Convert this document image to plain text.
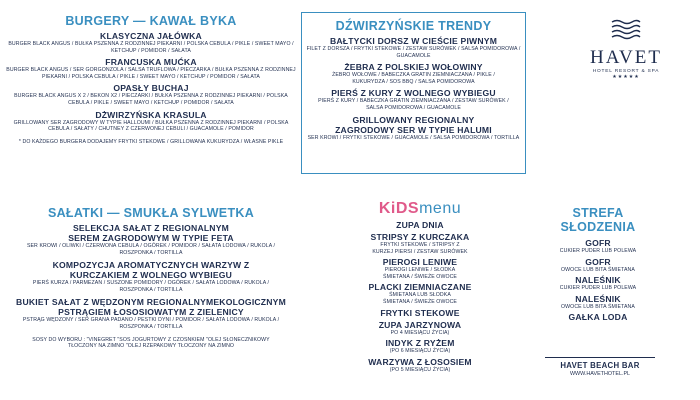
BURGERY — KAWAŁ BYKA
KLASYCZNA JAŁÓWKA
BURGER BLACK ANGUS / BUŁKA PSZENNA Z RODZINNEJ PIEKARNI / POLSKA CEBULA / PIKLE / SWEET MAYO / KETCHUP / POMIDOR / SAŁATA
FRANCUSKA MUĆKA
BURGER BLACK ANGUS / SER GORGONZOLA / SALSA TRUFLOWA / PIECZARKA / BUŁKA PSZENNA Z RODZINNEJ PIEKARNI / POLSKA CEBULA / PIKLE / SWEET MAYO / KETCHUP / POMIDOR / SAŁATA
OPASŁY BUCHAJ
BURGER BLACK ANGUS X 2 / BEKON X2 / PIECZARKI / BUŁKA PSZENNA Z RODZINNEJ PIEKARNI / POLSKA CEBULA / PIKLE / SWEET MAYO / KETCHUP / POMIDOR / SAŁATA
DŻWIRZYŃSKA KRASULA
GRILLOWANY SER ZAGRODOWY W TYPIE HALLOUMI / BUŁKA PSZENNA Z RODZINNEJ PIEKARNI / POLSKA CEBULA / SAŁATY / CHUTNEY Z CZERWONEJ CEBULI / GUACAMOLE / POMIDOR
* DO KAŻDEGO BURGERA DODAJEMY FRYTKI STEKOWE / GRILLOWANA KUKURYDZA / WŁASNE PIKLE
DŹWIRZYŃSKIE TRENDY
BAŁTYCKI DORSZ W CIEŚCIE PIWNYM
FILET Z DORSZA / FRYTKI STEKOWE / ZESTAW SURÓWEK / SALSA POMIDOROWA / GUACAMOLE
ŻEBRA Z POLSKIEJ WOŁOWINY
ŻEBRO WOŁOWE / BABECZKA GRATIN ZIEMNIACZANA / PIKLE / KUKURYDZA / SOS BBQ / SALSA POMIDOROWA
PIERŚ Z KURY Z WOLNEGO WYBIEGU
PIERŚ Z KURY / BABECZKA GRATIN ZIEMNIACZANA / ZESTAW SURÓWEK / SALSA POMIDOROWA / GUACAMOLE
GRILLOWANY REGIONALNY ZAGRODOWY SER W TYPIE HALUMI
SER KROWI / FRYTKI STEKOWE / GUACAMOLE / SALSA POMIDOROWA / TORTILLA
HAVET
HOTEL RESORT & SPA
★★★★★
SAŁATKI — SMUKŁA SYLWETKA
SELEKCJA SAŁAT Z REGIONALNYM SEREM ZAGRODOWYM W TYPIE FETA
SER KROWI / OLIWKI / CZERWONA CEBULA / OGÓREK / POMIDOR / SAŁATA LODOWA / RUKOLA / ROSZPONKA / TORTILLA
KOMPOZYCJA AROMATYCZNYCH WARZYW Z KURCZAKIEM Z WOLNEGO WYBIEGU
PIERŚ KURZA / PARMEZAN / SUSZONE POMIDORY / OGÓREK / SAŁATA LODOWA / RUKOLA / ROSZPONKA / TORTILLA
BUKIET SAŁAT Z WĘDZONYM REGIONALNYMEKOLOGICZNYM PSTRĄGIEM ŁOSOSIOWATYM Z ZIELENICY
PSTRĄG WĘDZONY / SER GRANA PADANO / PESTKI DYNI / POMIDOR / SAŁATA LODOWA / RUKOLA / ROSZPONKA / TORTILLA
SOSY DO WYBORU : "VINEGRET "SOS JOGURTOWY Z CZOSNKIEM "OLEJ SŁONECZNIKOWY TŁOCZONY NA ZIMNO "OLEJ RZEPAKOWY TŁOCZONY NA ZIMNO
KiDSmenu
ZUPA DNIA
STRIPSY Z KURCZAKA
FRYTKI STEKOWE / STRIPSY Z KURZEJ PIERSI / ZESTAW SURÓWEK
PIEROGI LENIWE
PIEROGI LENIWE / SŁODKA ŚMIETANA / ŚWIEŻE OWOCE
PLACKI ZIEMNIACZANE
ŚMIETANA LUB SŁODKA ŚMIETANA / ŚWIEŻE OWOCE
FRYTKI STEKOWE
ZUPA JARZYNOWA
PO 4 MIESIĄCU ŻYCIA)
INDYK Z RYŻEM
(PO 6 MIESIĄCU ŻYCIA)
WARZYWA Z ŁOSOSIEM
(PO 5 MIESIĄCU ŻYCIA)
STREFA SŁODZENIA
GOFR
CUKIER PUDER LUB POLEWA
GOFR
OWOCE LUB BITA ŚMIETANA
NALEŚNIK
CUKIER PUDER LUB POLEWA
NALEŚNIK
OWOCE LUB BITA ŚMIETANA
GAŁKA LODA
HAVET BEACH BAR
WWW.HAVETHOTEL.PL
